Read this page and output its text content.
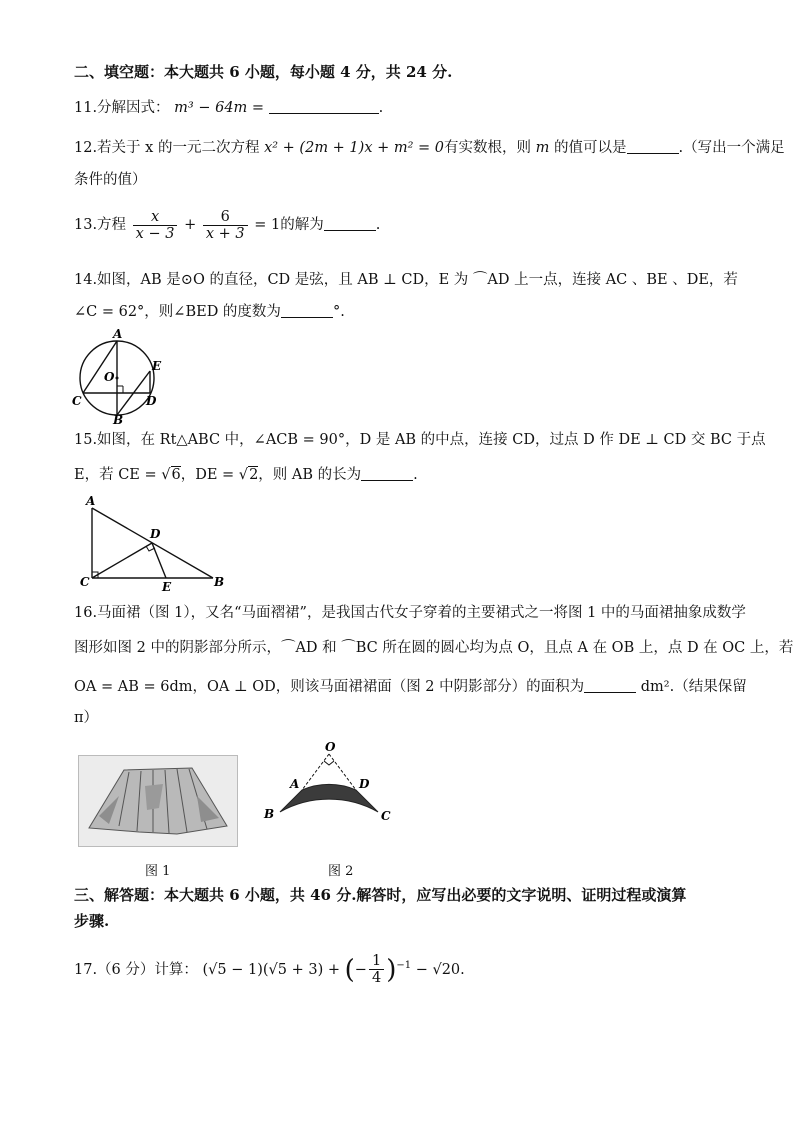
二、填空题：本大题共 6 小题，每小题 4 分，共 24 分.
11.分解因式： m³ − 64m =	.
12.若关于 x 的一元二次方程 x² + (2m + 1)x + m² = 0有实数根，则 m 的值可以是	.（写出一个满足
条件的值）
13.方程 $\frac{x}{x - 3} + \frac{6}{x + 3} = 1$的解为	.
14.如图，AB 是⊙O 的直径，CD 是弦，且 AB ⊥ CD，E 为 ⌒AD 上一点，连接 AC 、BE 、DE，若
∠C = 62°，则∠BED 的度数为	°.
A
O
E
C
B
D
15.如图，在 Rt△ABC 中，∠ACB = 90°，D 是 AB 的中点，连接 CD，过点 D 作 DE ⊥ CD 交 BC 于点
E，若 CE = √6，DE = √2，则 AB 的长为	.
A
D
C	E	B
16.马面裙（图 1），又名“马面褶裙”，是我国古代女子穿着的主要裙式之一将图 1 中的马面裙抽象成数学
图形如图 2 中的阴影部分所示，⌒AD 和 ⌒BC 所在圆的圆心均为点 O，且点 A 在 OB 上，点 D 在 OC 上，若
OA = AB = 6dm，OA ⊥ OD，则该马面裙裙面（图 2 中阴影部分）的面积为	dm².（结果保留
π）
图 1
O
A	D
B	C
图 2
三、解答题：本大题共 6 小题，共 46 分.解答时，应写出必要的文字说明、证明过程或演算
步骤.
17.（6 分）计算： (√5 − 1)(√5 + 3) + (− $\frac{1}{4} )^{-1} - √20$.
